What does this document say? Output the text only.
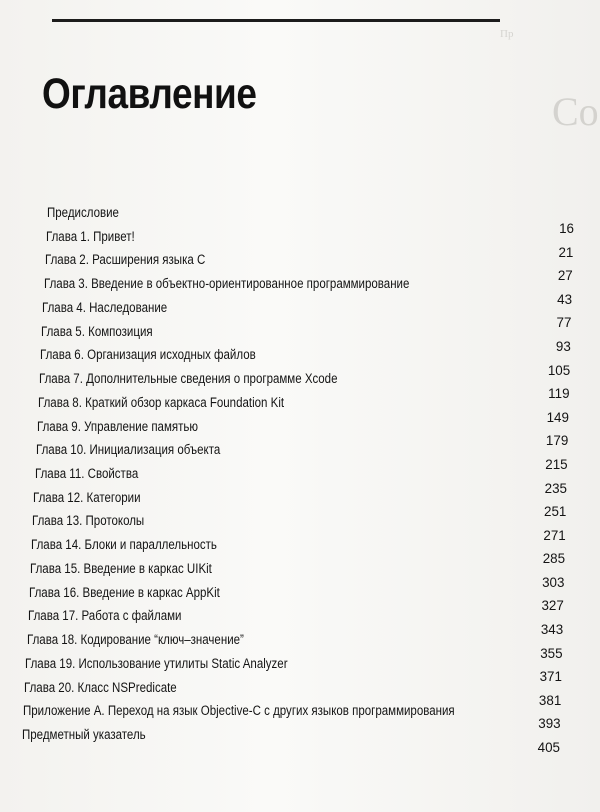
Co
Пр
Оглавление
Предисловие
16
Глава 1. Привет!
21
Глава 2. Расширения языка C
27
Глава 3. Введение в объектно-ориентированное программирование
43
Глава 4. Наследование
77
Глава 5. Композиция
93
Глава 6. Организация исходных файлов
105
Глава 7. Дополнительные сведения о программе Xcode
119
Глава 8. Краткий обзор каркаса Foundation Kit
149
Глава 9. Управление памятью
179
Глава 10. Инициализация объекта
215
Глава 11. Свойства
235
Глава 12. Категории
251
Глава 13. Протоколы
271
Глава 14. Блоки и параллельность
285
Глава 15. Введение в каркас UIKit
303
Глава 16. Введение в каркас AppKit
327
Глава 17. Работа с файлами
343
Глава 18. Кодирование “ключ–значение”
355
Глава 19. Использование утилиты Static Analyzer
371
Глава 20. Класс NSPredicate
381
Приложение A. Переход на язык Objective-C с других языков программирования
393
Предметный указатель
405
